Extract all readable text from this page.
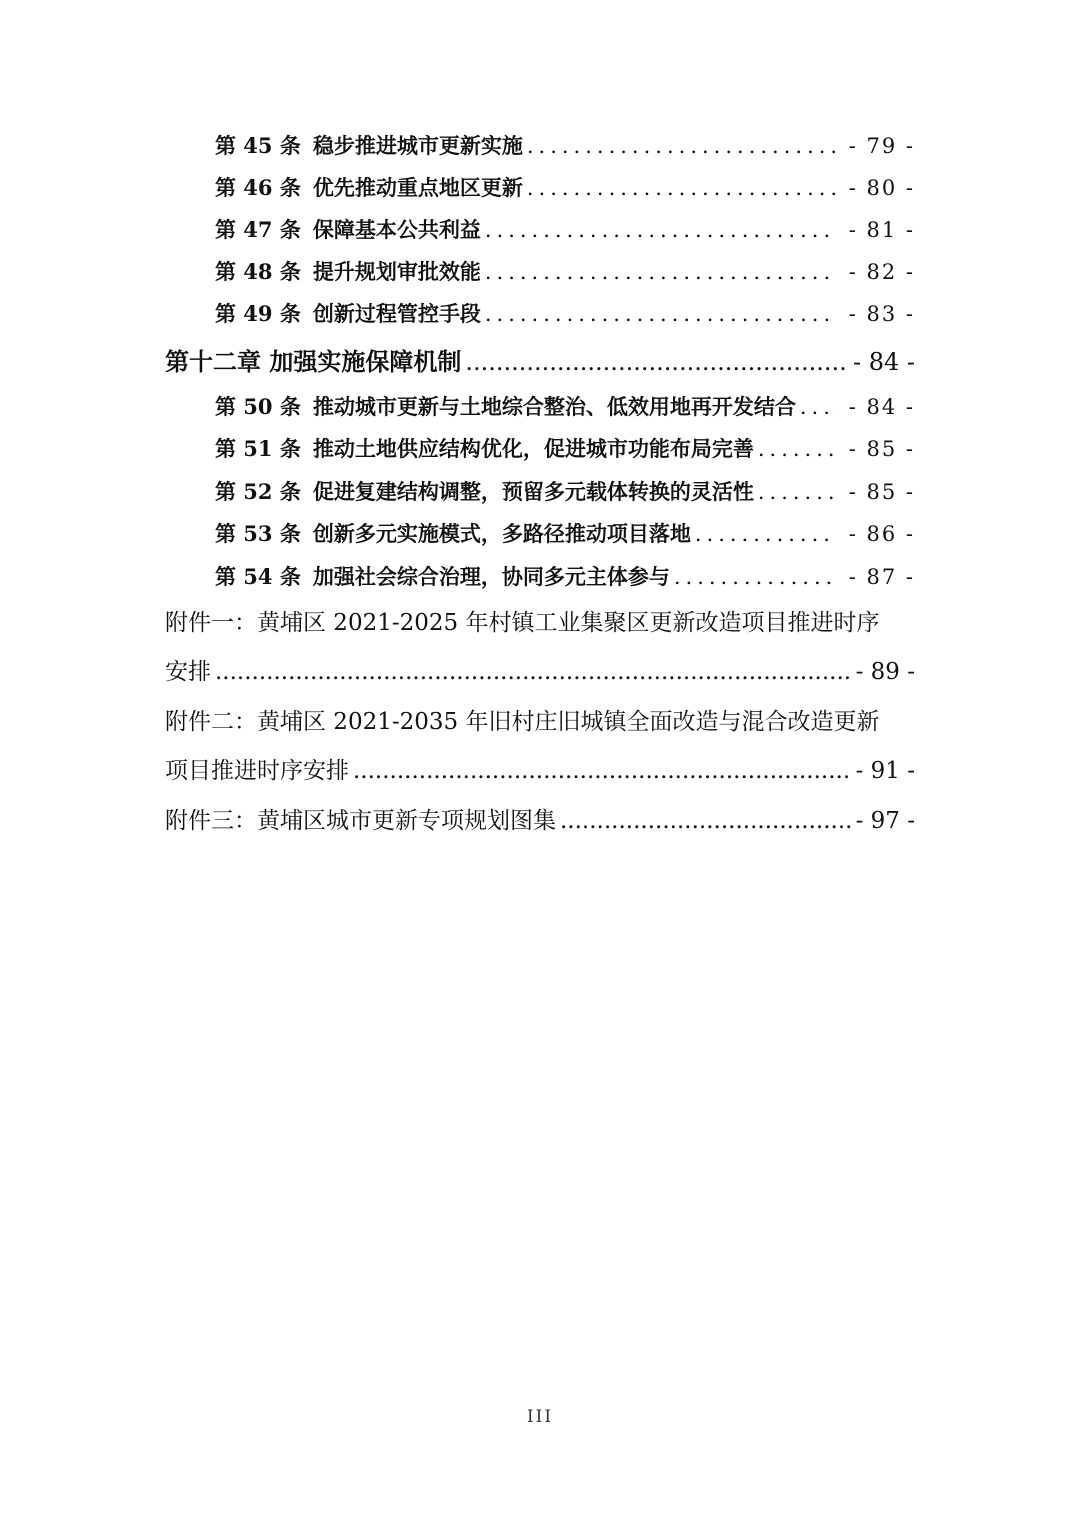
第 45 条 稳步推进城市更新实施 .....	- 79 -
第 46 条 优先推动重点地区更新 .....	- 80 -
第 47 条 保障基本公共利益 .....	- 81 -
第 48 条 提升规划审批效能 .....	- 82 -
第 49 条 创新过程管控手段 .....	- 83 -
第十二章 加强实施保障机制 .....	- 84 -
第 50 条 推动城市更新与土地综合整治、低效用地再开发结合 .....	- 84 -
第 51 条 推动土地供应结构优化，促进城市功能布局完善 .....	- 85 -
第 52 条 促进复建结构调整，预留多元载体转换的灵活性 .....	- 85 -
第 53 条 创新多元实施模式，多路径推动项目落地 .....	- 86 -
第 54 条 加强社会综合治理，协同多元主体参与 .....	- 87 -
附件一：黄埔区 2021-2025 年村镇工业集聚区更新改造项目推进时序
安排 .....	- 89 -
附件二：黄埔区 2021-2035 年旧村庄旧城镇全面改造与混合改造更新
项目推进时序安排 .....	- 91 -
附件三：黄埔区城市更新专项规划图集 .....	- 97 -
III
